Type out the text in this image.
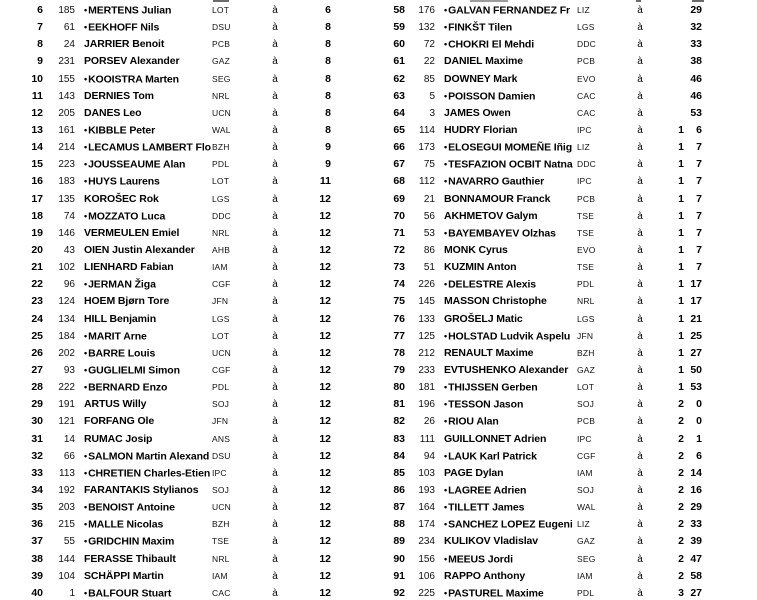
6	185 •MERTENS Julian	LOT	à	6
7	61 •EEKHOFF Nils	DSU	à	8
8	24 JARRIER Benoit	PCB	à	8
9	231 PORSEV Alexander	GAZ	à	8
10	155 •KOOISTRA Marten	SEG	à	8
11	143 DERNIES Tom	NRL	à	8
12	205 DANES Leo	UCN	à	8
13	161 •KIBBLE Peter	WAL	à	8
14	214 •LECAMUS LAMBERT Flo BZH	à	9
15	223 •JOUSSEAUME Alan	PDL	à	9
16	183 •HUYS Laurens	LOT	à	11
17	135 KOROŠEC Rok	LGS	à	12
18	74 •MOZZATO Luca	DDC	à	12
19	146 VERMEULEN Emiel	NRL	à	12
20	43 OIEN Justin Alexander	AHB	à	12
21	102 LIENHARD Fabian	IAM	à	12
22	96 •JERMAN Žiga	CGF	à	12
23	124 HOEM Bjørn Tore	JFN	à	12
24	134 HILL Benjamin	LGS	à	12
25	184 •MARIT Arne	LOT	à	12
26	202 •BARRE Louis	UCN	à	12
27	93 •GUGLIELMI Simon	CGF	à	12
28	222 •BERNARD Enzo	PDL	à	12
29	191 ARTUS Willy	SOJ	à	12
30	121 FORFANG Ole	JFN	à	12
31	14 RUMAC Josip	ANS	à	12
32	66 •SALMON Martin Alexand DSU	à	12
33	113 •CHRETIEN Charles-Etien IPC	à	12
34	192 FARANTAKIS Stylianos	SOJ	à	12
35	203 •BENOIST Antoine	UCN	à	12
36	215 •MALLE Nicolas	BZH	à	12
37	55 •GRIDCHIN Maxim	TSE	à	12
38	144 FERASSE Thibault	NRL	à	12
39	104 SCHÄPPI Martin	IAM	à	12
40	1 •BALFOUR Stuart	CAC	à	12
58	176 •GALVAN FERNANDEZ Fr LIZ	à	29
59	132 •FINKŠT Tilen	LGS	à	32
60	72 •CHOKRI El Mehdi	DDC	à	33
61	22 DANIEL Maxime	PCB	à	38
62	85 DOWNEY Mark	EVO	à	46
63	5 •POISSON Damien	CAC	à	46
64	3 JAMES Owen	CAC	à	53
65	114 HUDRY Florian	IPC	à	1	6
66	173 •ELOSEGUI MOMEÑE Iñig LIZ	à	1	7
67	75 •TESFAZION OCBIT Natna DDC	à	1	7
68	112 •NAVARRO Gauthier	IPC	à	1	7
69	21 BONNAMOUR Franck	PCB	à	1	7
70	56 AKHMETOV Galym	TSE	à	1	7
71	53 •BAYEMBAYEV Olzhas	TSE	à	1	7
72	86 MONK Cyrus	EVO	à	1	7
73	51 KUZMIN Anton	TSE	à	1	7
74	226 •DELESTRE Alexis	PDL	à	1 17
75	145 MASSON Christophe	NRL	à	1 17
76	133 GROŠELJ Matic	LGS	à	1 21
77	125 •HOLSTAD Ludvik Aspelu JFN	à	1 25
78	212 RENAULT Maxime	BZH	à	1 27
79	233 EVTUSHENKO Alexander	GAZ	à	1 50
80	181 •THIJSSEN Gerben	LOT	à	1 53
81	196 •TESSON Jason	SOJ	à	2	0
82	26 •RIOU Alan	PCB	à	2	0
83	111 GUILLONNET Adrien	IPC	à	2	1
84	94 •LAUK Karl Patrick	CGF	à	2	6
85	103 PAGE Dylan	IAM	à	2 14
86	193 •LAGREE Adrien	SOJ	à	2 16
87	164 •TILLETT James	WAL	à	2 29
88	174 •SANCHEZ LOPEZ Eugeni LIZ	à	2 33
89	234 KULIKOV Vladislav	GAZ	à	2 39
90	156 •MEEUS Jordi	SEG	à	2 47
91	106 RAPPO Anthony	IAM	à	2 58
92	225 •PASTUREL Maxime	PDL	à	3 27
